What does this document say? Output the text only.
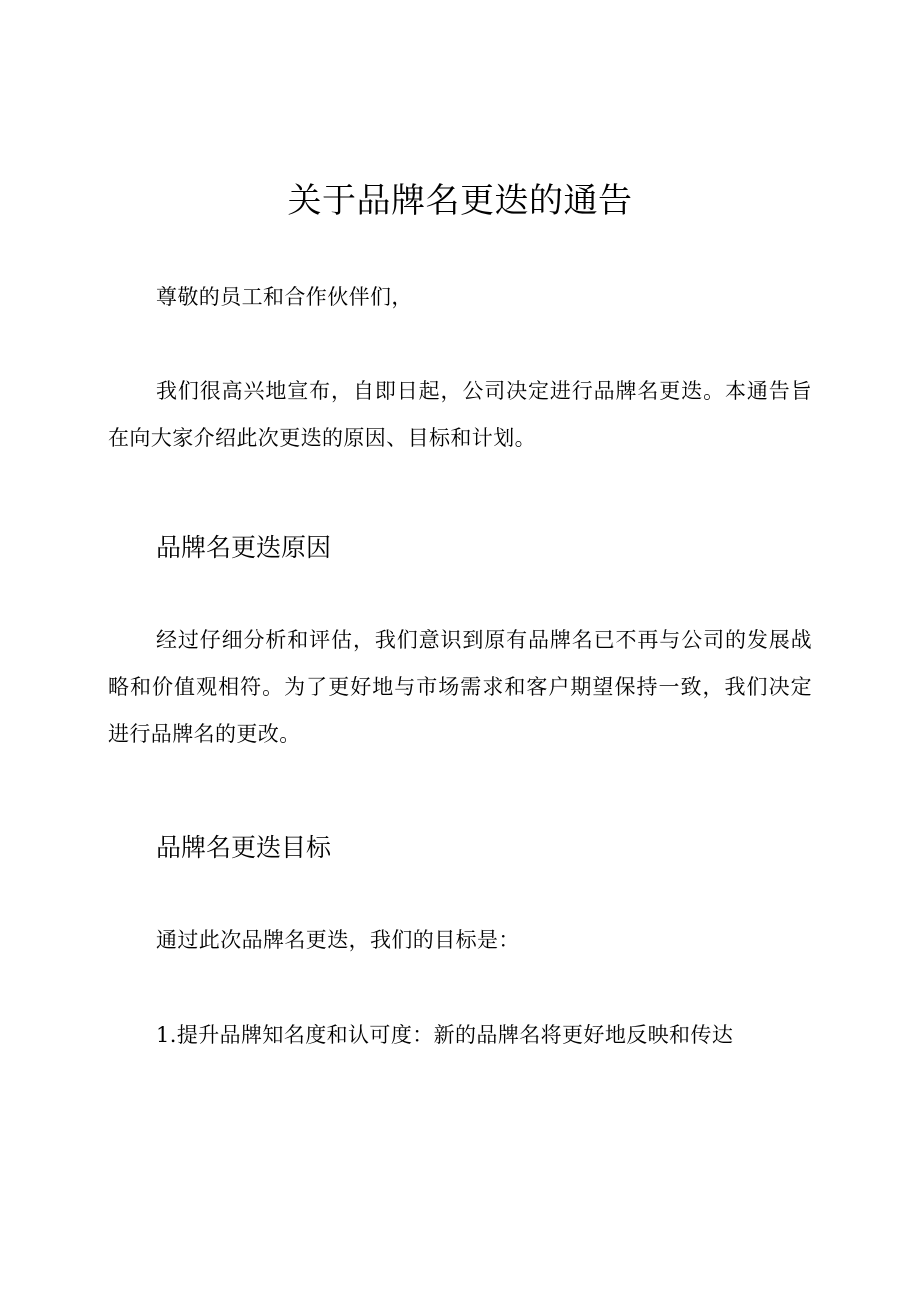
关于品牌名更迭的通告

尊敬的员工和合作伙伴们，

我们很高兴地宣布，自即日起，公司决定进行品牌名更迭。本通告旨在向大家介绍此次更迭的原因、目标和计划。

品牌名更迭原因

经过仔细分析和评估，我们意识到原有品牌名已不再与公司的发展战略和价值观相符。为了更好地与市场需求和客户期望保持一致，我们决定进行品牌名的更改。

品牌名更迭目标

通过此次品牌名更迭，我们的目标是：

1.提升品牌知名度和认可度：新的品牌名将更好地反映和传达
